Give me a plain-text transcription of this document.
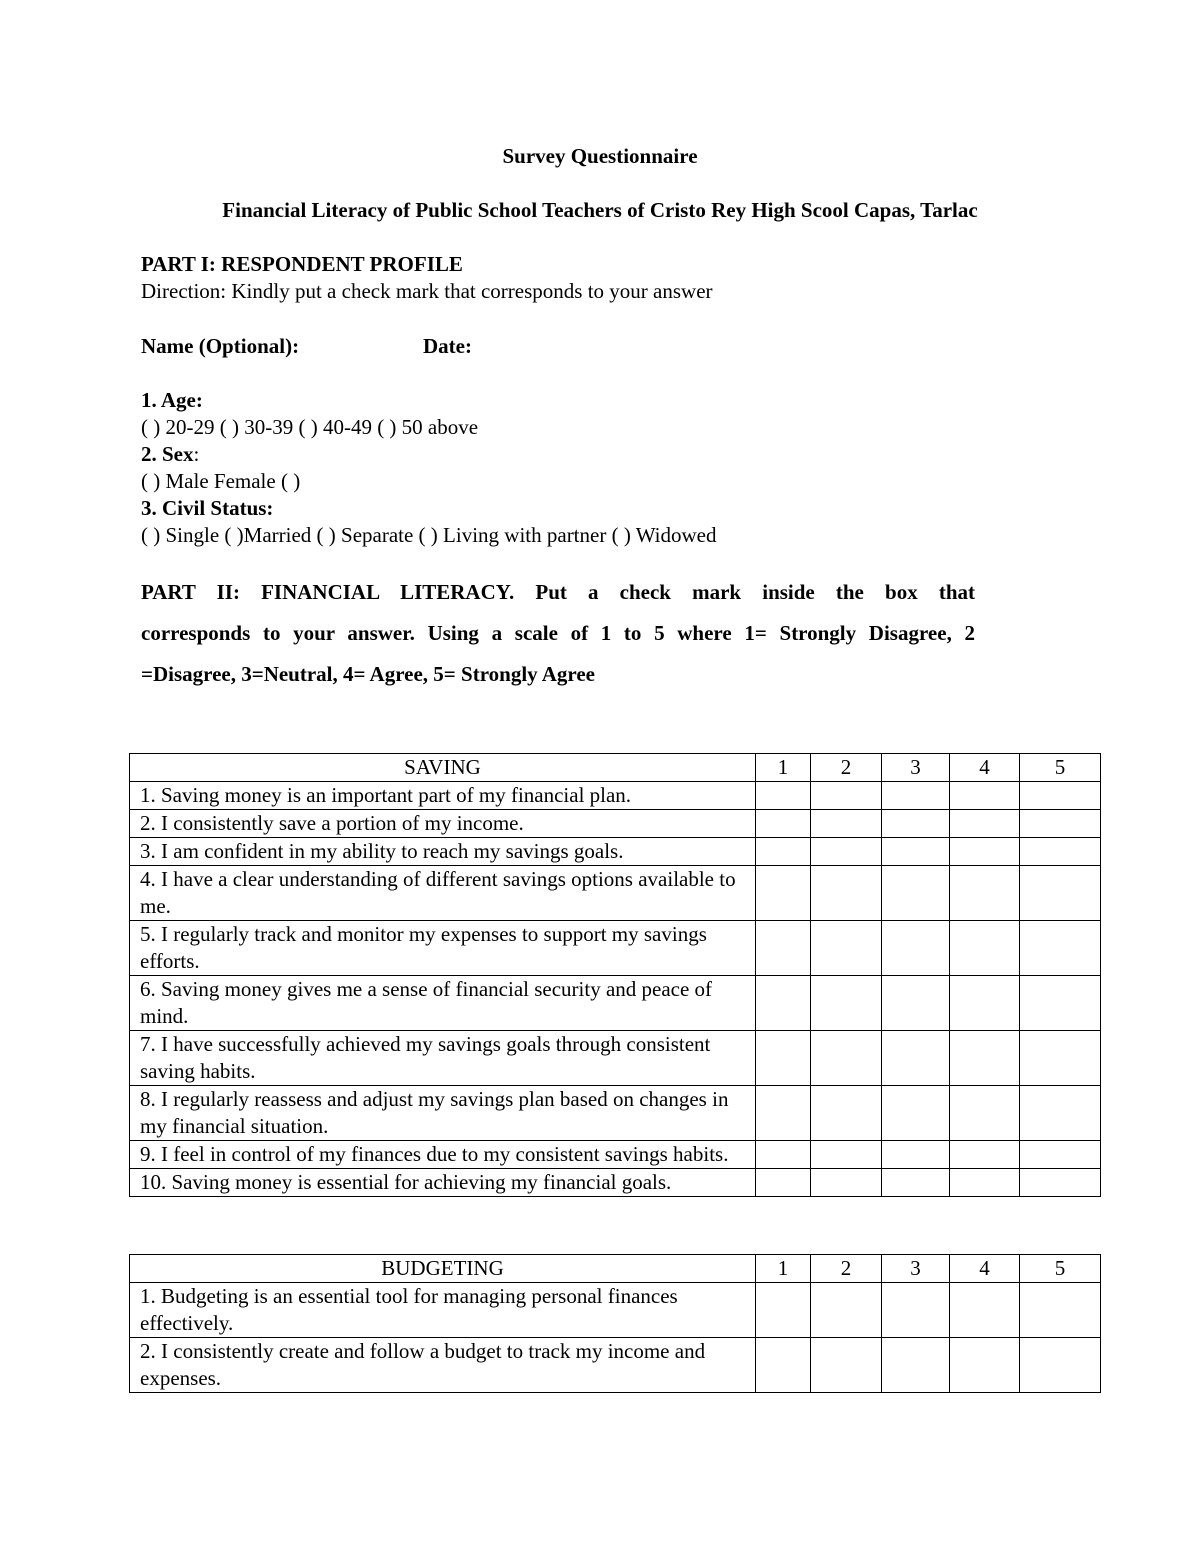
Survey Questionnaire
Financial Literacy of Public School Teachers of Cristo Rey High Scool Capas, Tarlac
PART I: RESPONDENT PROFILE
Direction: Kindly put a check mark that corresponds to your answer
Name (Optional):	Date:
1. Age:
( ) 20-29 ( ) 30-39 ( ) 40-49 ( ) 50 above
2. Sex:
( ) Male Female ( )
3. Civil Status:
( ) Single ( )Married ( ) Separate ( ) Living with partner ( ) Widowed
PART II: FINANCIAL LITERACY. Put a check mark inside the box that
corresponds to your answer. Using a scale of 1 to 5 where 1= Strongly Disagree, 2
=Disagree, 3=Neutral, 4= Agree, 5= Strongly Agree
SAVING	1	2	3	4	5
1. Saving money is an important part of my financial plan.					
2. I consistently save a portion of my income.					
3. I am confident in my ability to reach my savings goals.					
4. I have a clear understanding of different savings options available to me.					
5. I regularly track and monitor my expenses to support my savings efforts.					
6. Saving money gives me a sense of financial security and peace of mind.					
7. I have successfully achieved my savings goals through consistent saving habits.					
8. I regularly reassess and adjust my savings plan based on changes in my financial situation.					
9. I feel in control of my finances due to my consistent savings habits.					
10. Saving money is essential for achieving my financial goals.					
BUDGETING	1	2	3	4	5
1. Budgeting is an essential tool for managing personal finances effectively.					
2. I consistently create and follow a budget to track my income and expenses.					
